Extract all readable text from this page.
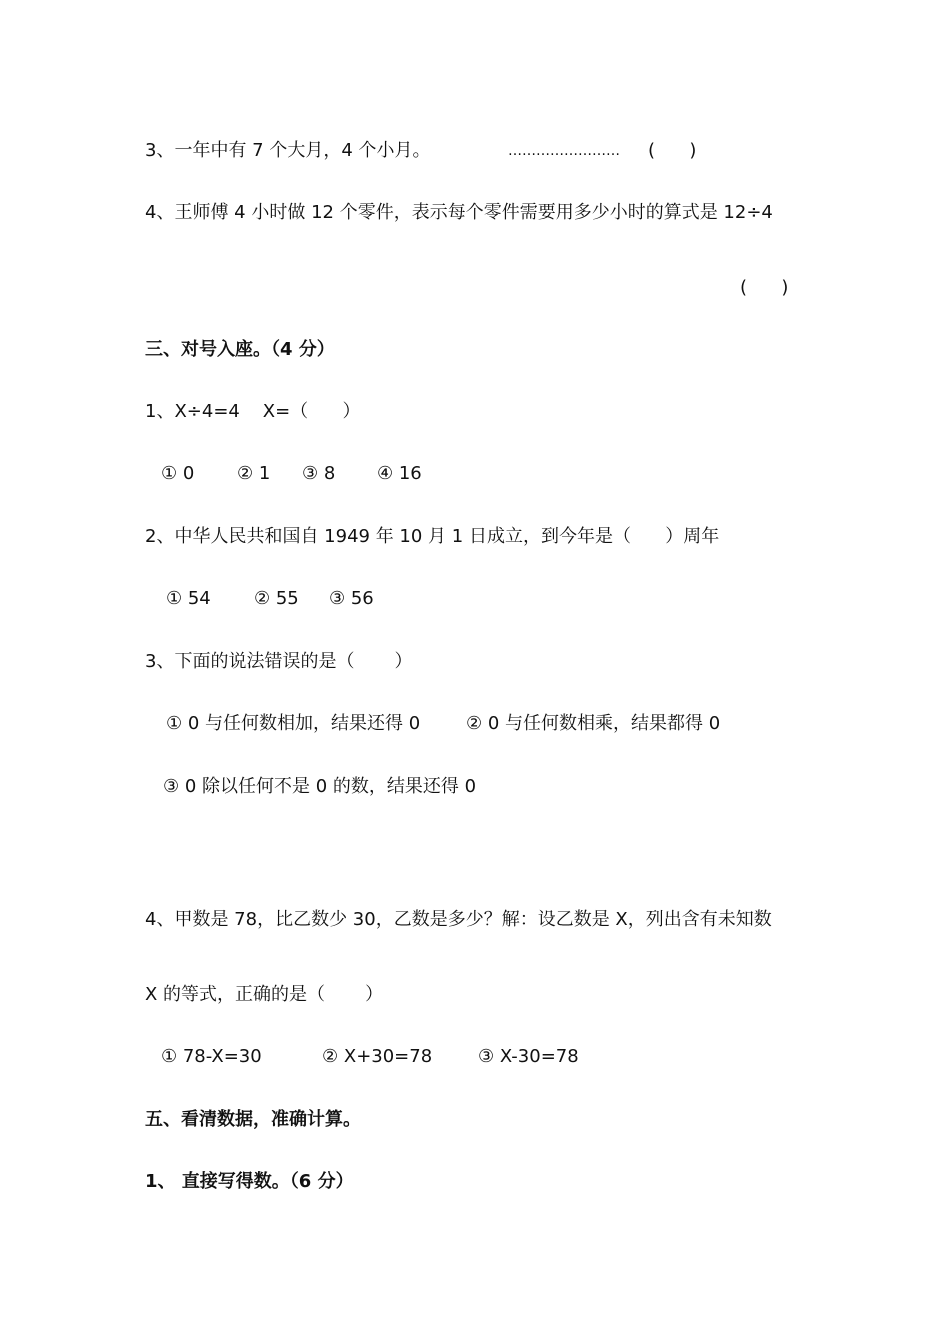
3、一年中有 7 个大月，4 个小月。	…………………… (      )
4、王师傅 4 小时做 12 个零件，表示每个零件需要用多少小时的算式是 12÷4
(      )
三、对号入座。（4 分）
1、X÷4=4    X=（      ）
① 0 ② 1 ③ 8 ④ 16
2、中华人民共和国自 1949 年 10 月 1 日成立，到今年是（      ）周年
① 54 ② 55 ③ 56
3、下面的说法错误的是（       ）
① 0 与任何数相加，结果还得 0	② 0 与任何数相乘，结果都得 0
③ 0 除以任何不是 0 的数，结果还得 0
4、甲数是 78，比乙数少 30，乙数是多少？解：设乙数是 X，列出含有未知数
X 的等式，正确的是（       ）
① 78-X=30	② X+30=78	③ X-30=78
五、看清数据，准确计算。
1、 直接写得数。（6 分）
